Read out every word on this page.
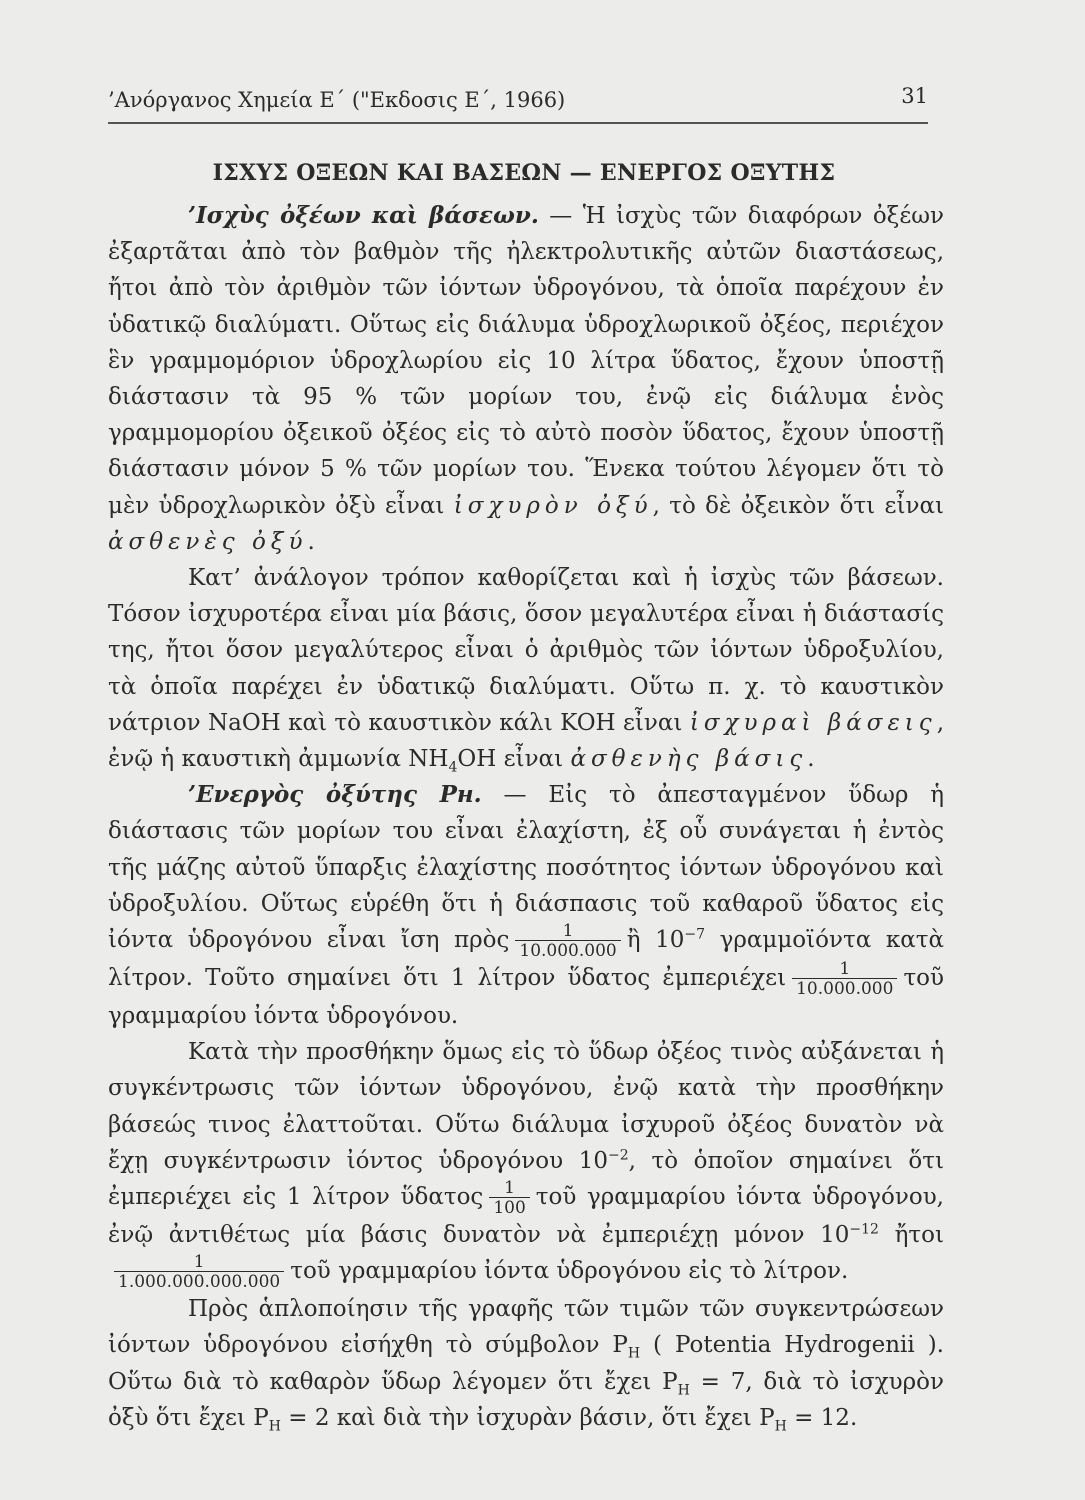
’Ανόργανος Χημεία Ε΄ ("Εκδοσις Ε΄, 1966)	31
ΙΣΧΥΣ ΟΞΕΩΝ ΚΑΙ ΒΑΣΕΩΝ — ΕΝΕΡΓΟΣ ΟΞΥΤΗΣ

’Ισχὺς ὀξέων καὶ βάσεων. — Ἡ ἰσχὺς τῶν διαφόρων ὀξέων ἐξαρτᾶται ἀπὸ τὸν βαθμὸν τῆς ἠλεκτρολυτικῆς αὐτῶν διαστάσεως, ἤτοι ἀπὸ τὸν ἀριθμὸν τῶν ἰόντων ὑδρογόνου, τὰ ὁποῖα παρέχουν ἐν ὑδατικῷ διαλύματι. Οὕτως εἰς διάλυμα ὑδροχλωρικοῦ ὀξέος, περιέχον ἓν γραμμομόριον ὑδροχλωρίου εἰς 10 λίτρα ὕδατος, ἔχουν ὑποστῇ διάστασιν τὰ 95 % τῶν μορίων του, ἐνῷ εἰς διάλυμα ἑνὸς γραμμομορίου ὀξεικοῦ ὀξέος εἰς τὸ αὐτὸ ποσὸν ὕδατος, ἔχουν ὑποστῇ διάστασιν μόνον 5 % τῶν μορίων του. Ἕνεκα τούτου λέγομεν ὅτι τὸ μὲν ὑδροχλωρικὸν ὀξὺ εἶναι ἰσχυρὸν ὀξύ, τὸ δὲ ὀξεικὸν ὅτι εἶναι ἀσθενὲς ὀξύ.

Κατ’ ἀνάλογον τρόπον καθορίζεται καὶ ἡ ἰσχὺς τῶν βάσεων. Τόσον ἰσχυροτέρα εἶναι μία βάσις, ὅσον μεγαλυτέρα εἶναι ἡ διάστασίς της, ἤτοι ὅσον μεγαλύτερος εἶναι ὁ ἀριθμὸς τῶν ἰόντων ὑδροξυλίου, τὰ ὁποῖα παρέχει ἐν ὑδατικῷ διαλύματι. Οὕτω π. χ. τὸ καυστικὸν νάτριον NaOH καὶ τὸ καυστικὸν κάλι KOH εἶναι ἰσχυραὶ βάσεις, ἐνῷ ἡ καυστικὴ ἀμμωνία $NH_4OH$ εἶναι ἀσθενὴς βάσις.

’Ενεργὸς ὀξύτης Pн. — Εἰς τὸ ἀπεσταγμένον ὕδωρ ἡ διάστασις τῶν μορίων του εἶναι ἐλαχίστη, ἐξ οὗ συνάγεται ἡ ἐντὸς τῆς μάζης αὐτοῦ ὕπαρξις ἐλαχίστης ποσότητος ἰόντων ὑδρογόνου καὶ ὑδροξυλίου. Οὕτως εὑρέθη ὅτι ἡ διάσπασις τοῦ καθαροῦ ὕδατος εἰς ἰόντα ὑδρογόνου εἶναι ἴση πρὸς $\frac{1}{10.000.000}$ ἢ $10^{-7}$ γραμμοϊόντα κατὰ λίτρον. Τοῦτο σημαίνει ὅτι 1 λίτρον ὕδατος ἐμπεριέχει $\frac{1}{10.000.000}$ τοῦ γραμμαρίου ἰόντα ὑδρογόνου.

Κατὰ τὴν προσθήκην ὅμως εἰς τὸ ὕδωρ ὀξέος τινὸς αὐξάνεται ἡ συγκέντρωσις τῶν ἰόντων ὑδρογόνου, ἐνῷ κατὰ τὴν προσθήκην βάσεώς τινος ἐλαττοῦται. Οὕτω διάλυμα ἰσχυροῦ ὀξέος δυνατὸν νὰ ἔχῃ συγκέντρωσιν ἰόντος ὑδρογόνου $10^{-2}$, τὸ ὁποῖον σημαίνει ὅτι ἐμπεριέχει εἰς 1 λίτρον ὕδατος $\frac{1}{100}$ τοῦ γραμμαρίου ἰόντα ὑδρογόνου, ἐνῷ ἀντιθέτως μία βάσις δυνατὸν νὰ ἐμπεριέχῃ μόνον $10^{-12}$ ἤτοι
$\frac{1}{1.000.000.000.000}$ τοῦ γραμμαρίου ἰόντα ὑδρογόνου εἰς τὸ λίτρον.

Πρὸς ἁπλοποίησιν τῆς γραφῆς τῶν τιμῶν τῶν συγκεντρώσεων ἰόντων ὑδρογόνου εἰσήχθη τὸ σύμβολον $P_H$ ( Potentia Hydrogenii ). Οὕτω διὰ τὸ καθαρὸν ὕδωρ λέγομεν ὅτι ἔχει $P_H = 7$, διὰ τὸ ἰσχυρὸν ὀξὺ ὅτι ἔχει $P_H = 2$ καὶ διὰ τὴν ἰσχυρὰν βάσιν, ὅτι ἔχει $P_H = 12$.
